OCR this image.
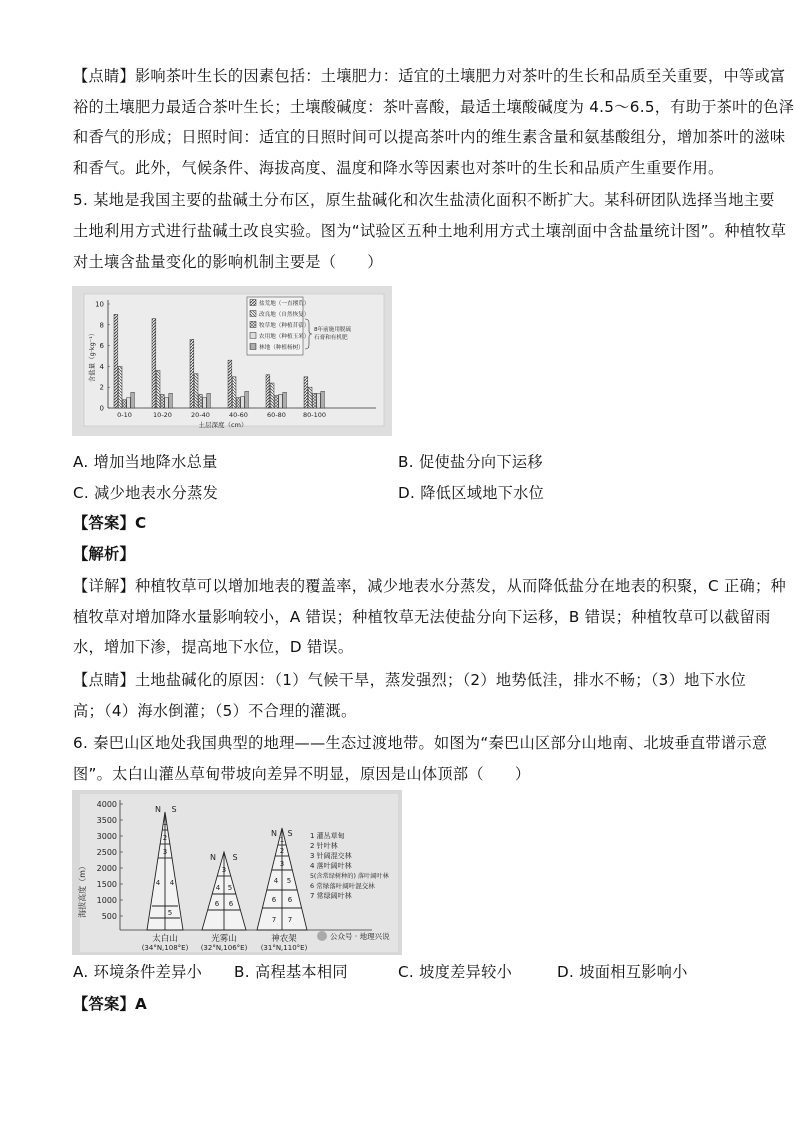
【点睛】影响茶叶生长的因素包括：土壤肥力：适宜的土壤肥力对茶叶的生长和品质至关重要，中等或富
裕的土壤肥力最适合茶叶生长；土壤酸碱度：茶叶喜酸，最适土壤酸碱度为 4.5～6.5，有助于茶叶的色泽
和香气的形成；日照时间：适宜的日照时间可以提高茶叶内的维生素含量和氨基酸组分，增加茶叶的滋味
和香气。此外，气候条件、海拔高度、温度和降水等因素也对茶叶的生长和品质产生重要作用。
5. 某地是我国主要的盐碱土分布区，原生盐碱化和次生盐渍化面积不断扩大。某科研团队选择当地主要
土地利用方式进行盐碱土改良实验。图为“试验区五种土地利用方式土壤剖面中含盐量统计图”。种植牧草
对土壤含盐量变化的影响机制主要是（　　）
0
2
4
6
8
10
含盐量（g·kg⁻¹）
土层深度（cm）
0-10	10-20	20-40	40-60	60-80	80-100
盐荒地（一直撂荒）
改良地（自然恢复）
牧草地（种植苜蓿）
农用地（种植玉米）
林地（种植杨树）
8年前施用脱硫
石膏和有机肥
A. 增加当地降水总量	B. 促使盐分向下运移
C. 减少地表水分蒸发	D. 降低区域地下水位
【答案】C
【解析】
【详解】种植牧草可以增加地表的覆盖率，减少地表水分蒸发，从而降低盐分在地表的积聚，C 正确；种
植牧草对增加降水量影响较小，A 错误；种植牧草无法使盐分向下运移，B 错误；种植牧草可以截留雨
水，增加下渗，提高地下水位，D 错误。
【点睛】土地盐碱化的原因：（1）气候干旱，蒸发强烈；（2）地势低洼，排水不畅；（3）地下水位
高；（4）海水倒灌；（5）不合理的灌溉。
6. 秦巴山区地处我国典型的地理——生态过渡地带。如图为“秦巴山区部分山地南、北坡垂直带谱示意
图”。太白山灌丛草甸带坡向差异不明显，原因是山体顶部（　　）
海拔高度（m）
4000
3500
3000
2500
2000
1500
1000
500
N S
1
2
3
4 4
5
N S
3
4 5
6 6
N S
1
2
3
4 5
6 6
7 7
太白山
(34°N,108°E)
光雾山
(32°N,106°E)
神农架
(31°N,110°E)
1 灌丛草甸
2 针叶林
3 针阔混交林
4 落叶阔叶林
5(含常绿树种的) 落叶阔叶林
6 常绿落叶阔叶混交林
7 常绿阔叶林
公众号 · 地理兴说
A. 环境条件差异小 B. 高程基本相同	C. 坡度差异较小	D. 坡面相互影响小
【答案】A
